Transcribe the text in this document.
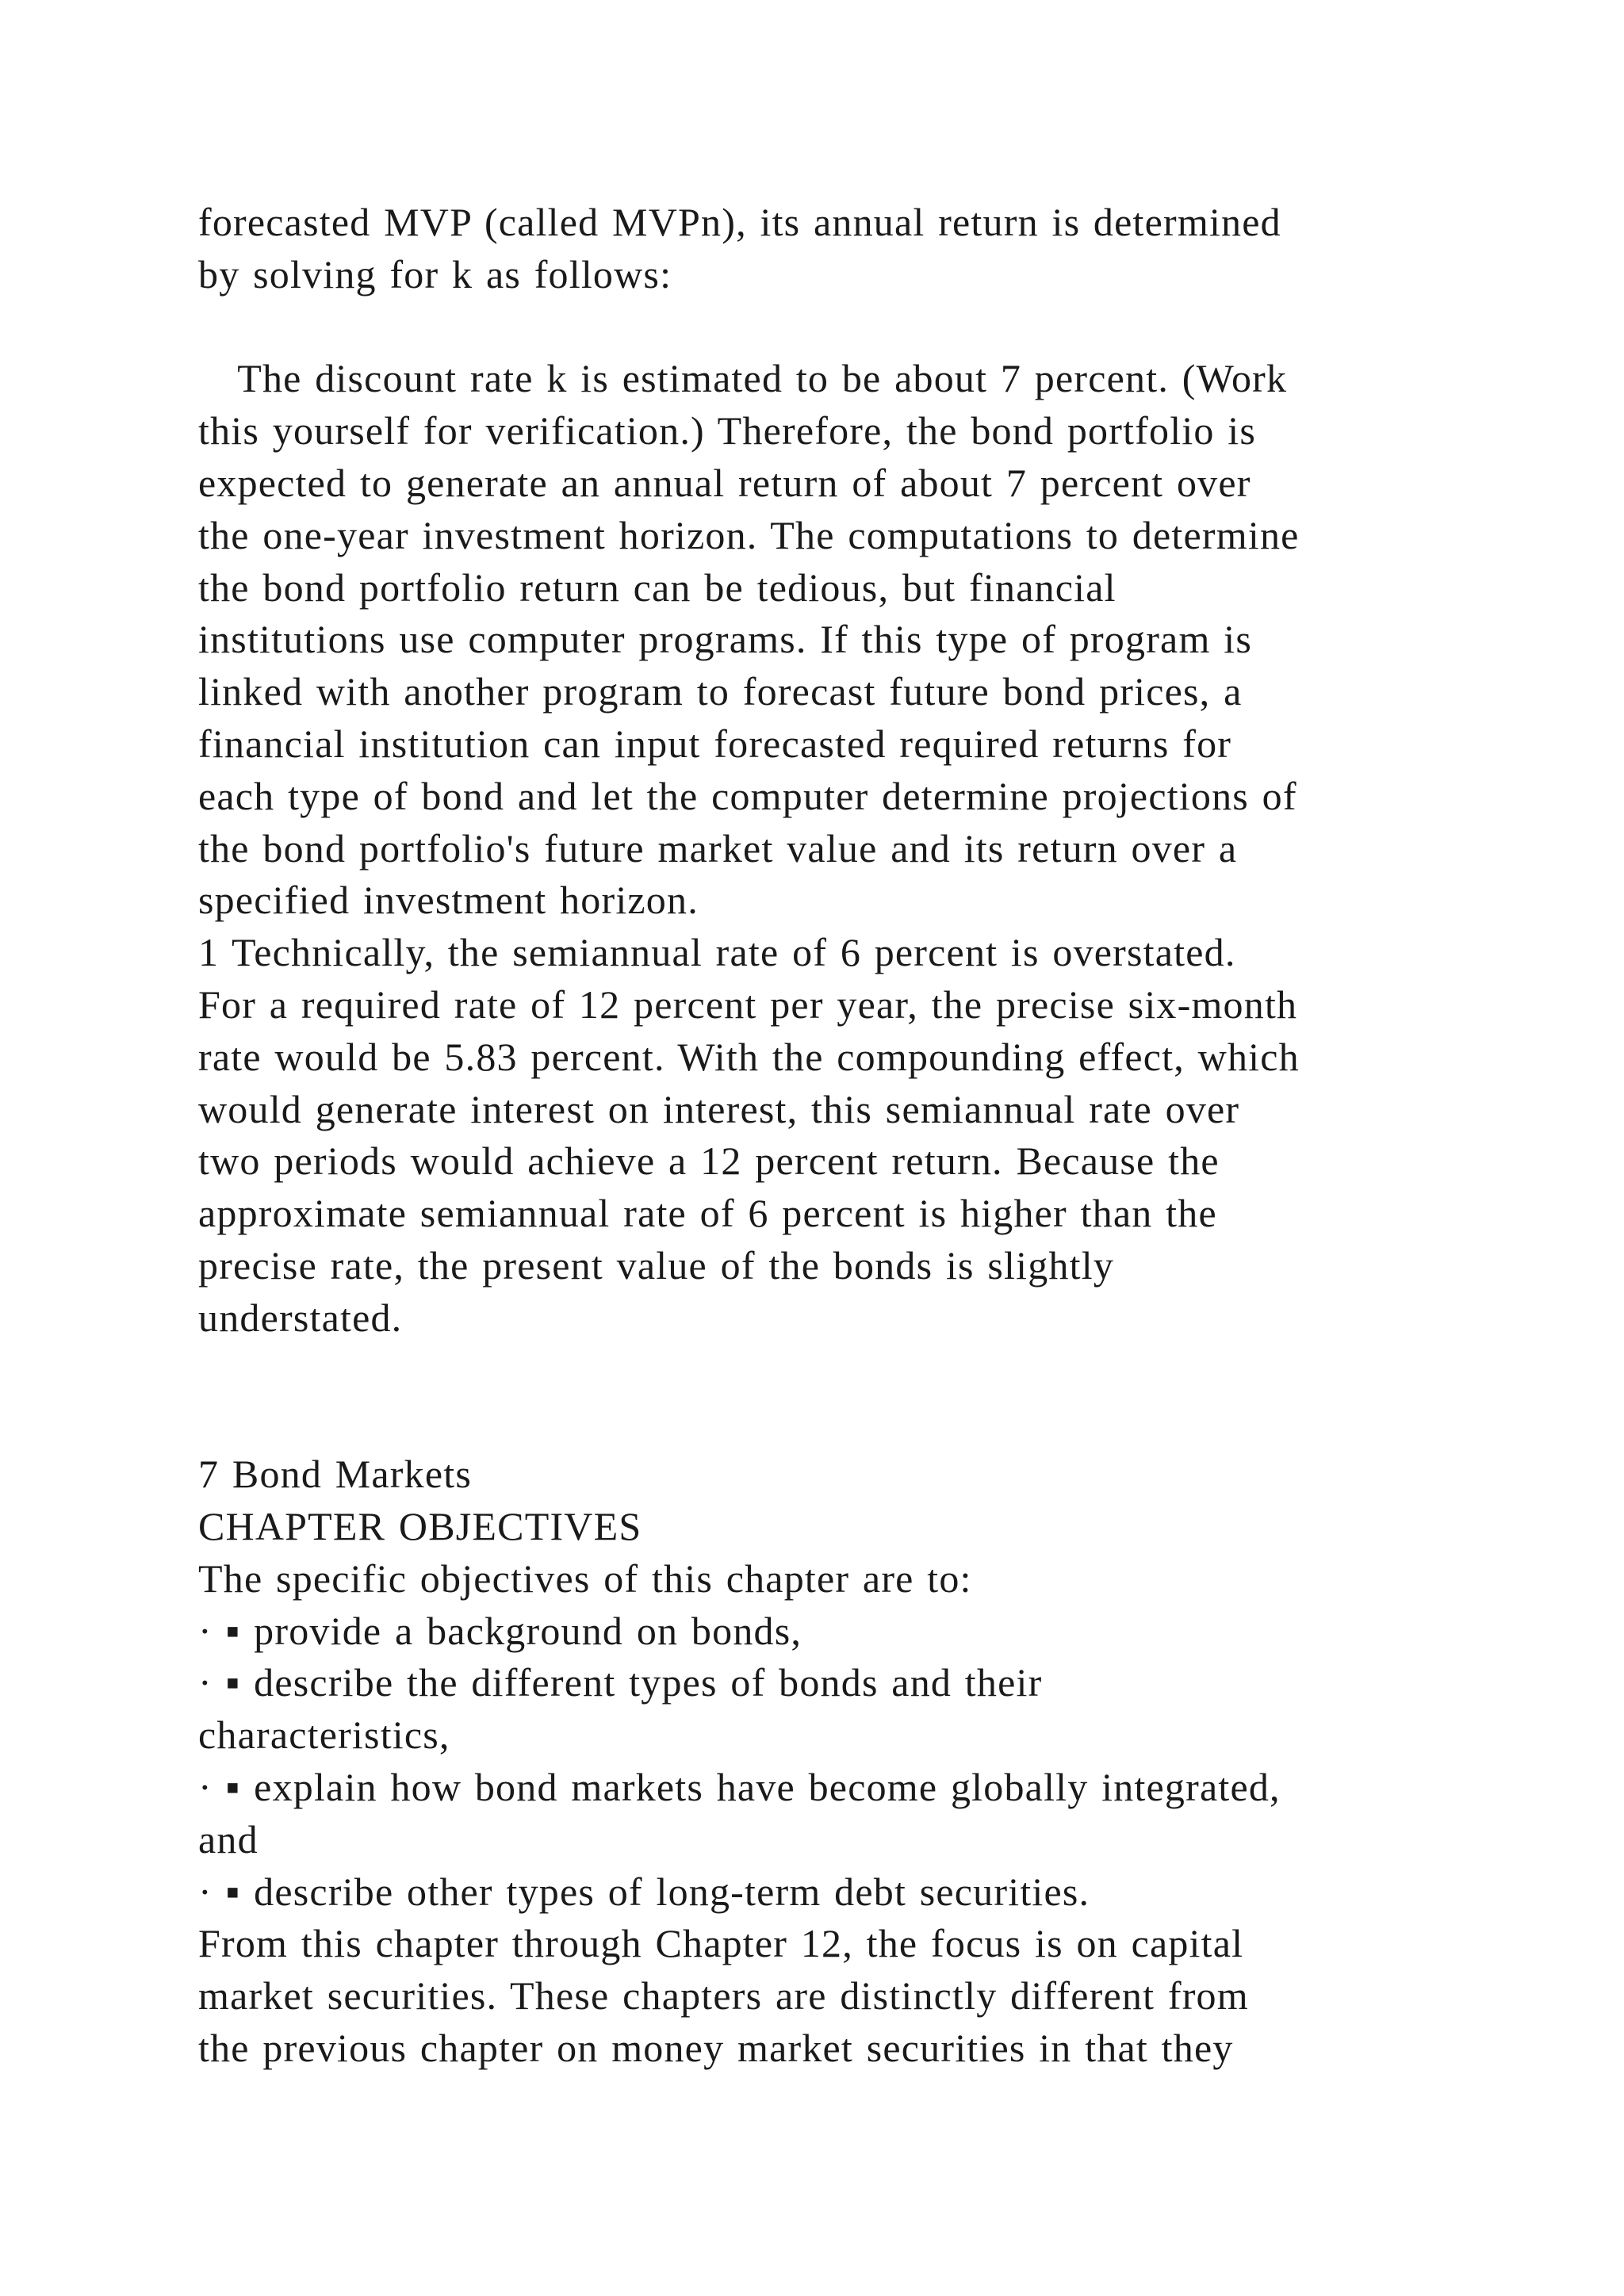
forecasted MVP (called MVPn), its annual return is determined
by solving for k as follows:
The discount rate k is estimated to be about 7 percent. (Work
this yourself for verification.) Therefore, the bond portfolio is
expected to generate an annual return of about 7 percent over
the one-year investment horizon. The computations to determine
the bond portfolio return can be tedious, but financial
institutions use computer programs. If this type of program is
linked with another program to forecast future bond prices, a
financial institution can input forecasted required returns for
each type of bond and let the computer determine projections of
the bond portfolio's future market value and its return over a
specified investment horizon.
1 Technically, the semiannual rate of 6 percent is overstated.
For a required rate of 12 percent per year, the precise six-month
rate would be 5.83 percent. With the compounding effect, which
would generate interest on interest, this semiannual rate over
two periods would achieve a 12 percent return. Because the
approximate semiannual rate of 6 percent is higher than the
precise rate, the present value of the bonds is slightly
understated.
7 Bond Markets
CHAPTER OBJECTIVES
The specific objectives of this chapter are to:
· ▪ provide a background on bonds,
· ▪ describe the different types of bonds and their
characteristics,
· ▪ explain how bond markets have become globally integrated,
and
· ▪ describe other types of long-term debt securities.
From this chapter through Chapter 12, the focus is on capital
market securities. These chapters are distinctly different from
the previous chapter on money market securities in that they
